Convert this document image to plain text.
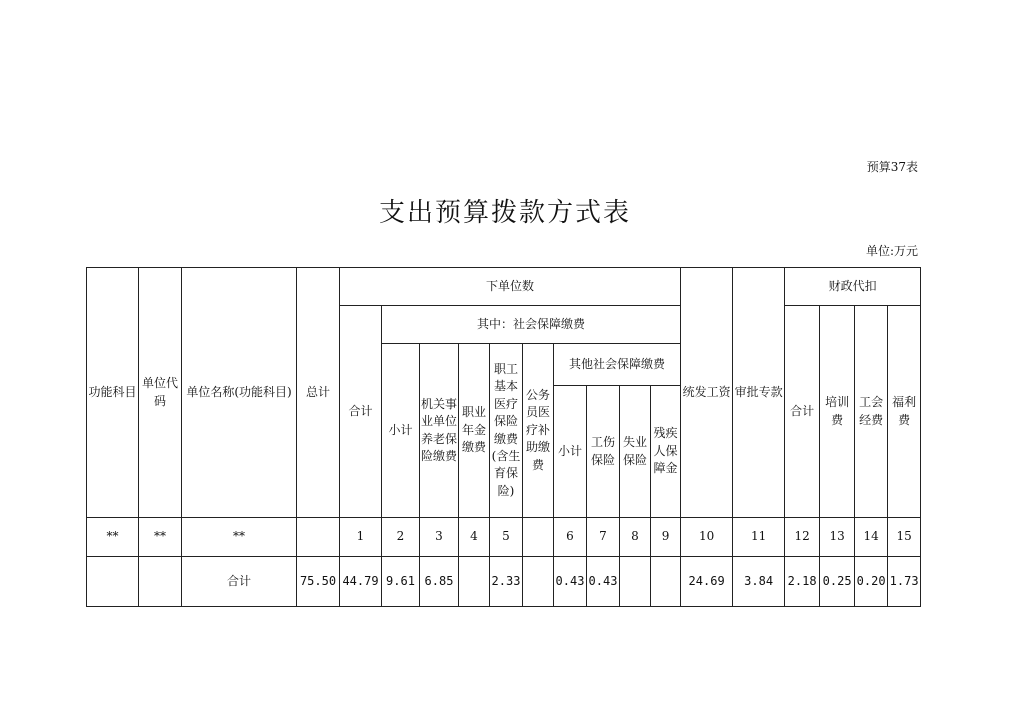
预算37表
支出预算拨款方式表
单位:万元
功能科目	单位代码	单位名称(功能科目)	总计	下单位数										统发工资	审批专款	财政代扣			
				合计	其中：社会保障缴费											合计	培训费	工会经费	福利费
					小计	机关事业单位养老保险缴费	职业年金缴费	职工基本医疗保险缴费(含生育保险)	公务员医疗补助缴费	其他社会保障缴费									
										小计	工伤保险	失业保险	残疾人保障金						
**	**	**		1	2	3	4	5		6	7	8	9	10	11	12	13	14	15
		合计	75.50	44.79	9.61	6.85		2.33		0.43	0.43			24.69	3.84	2.18	0.25	0.20	1.73
